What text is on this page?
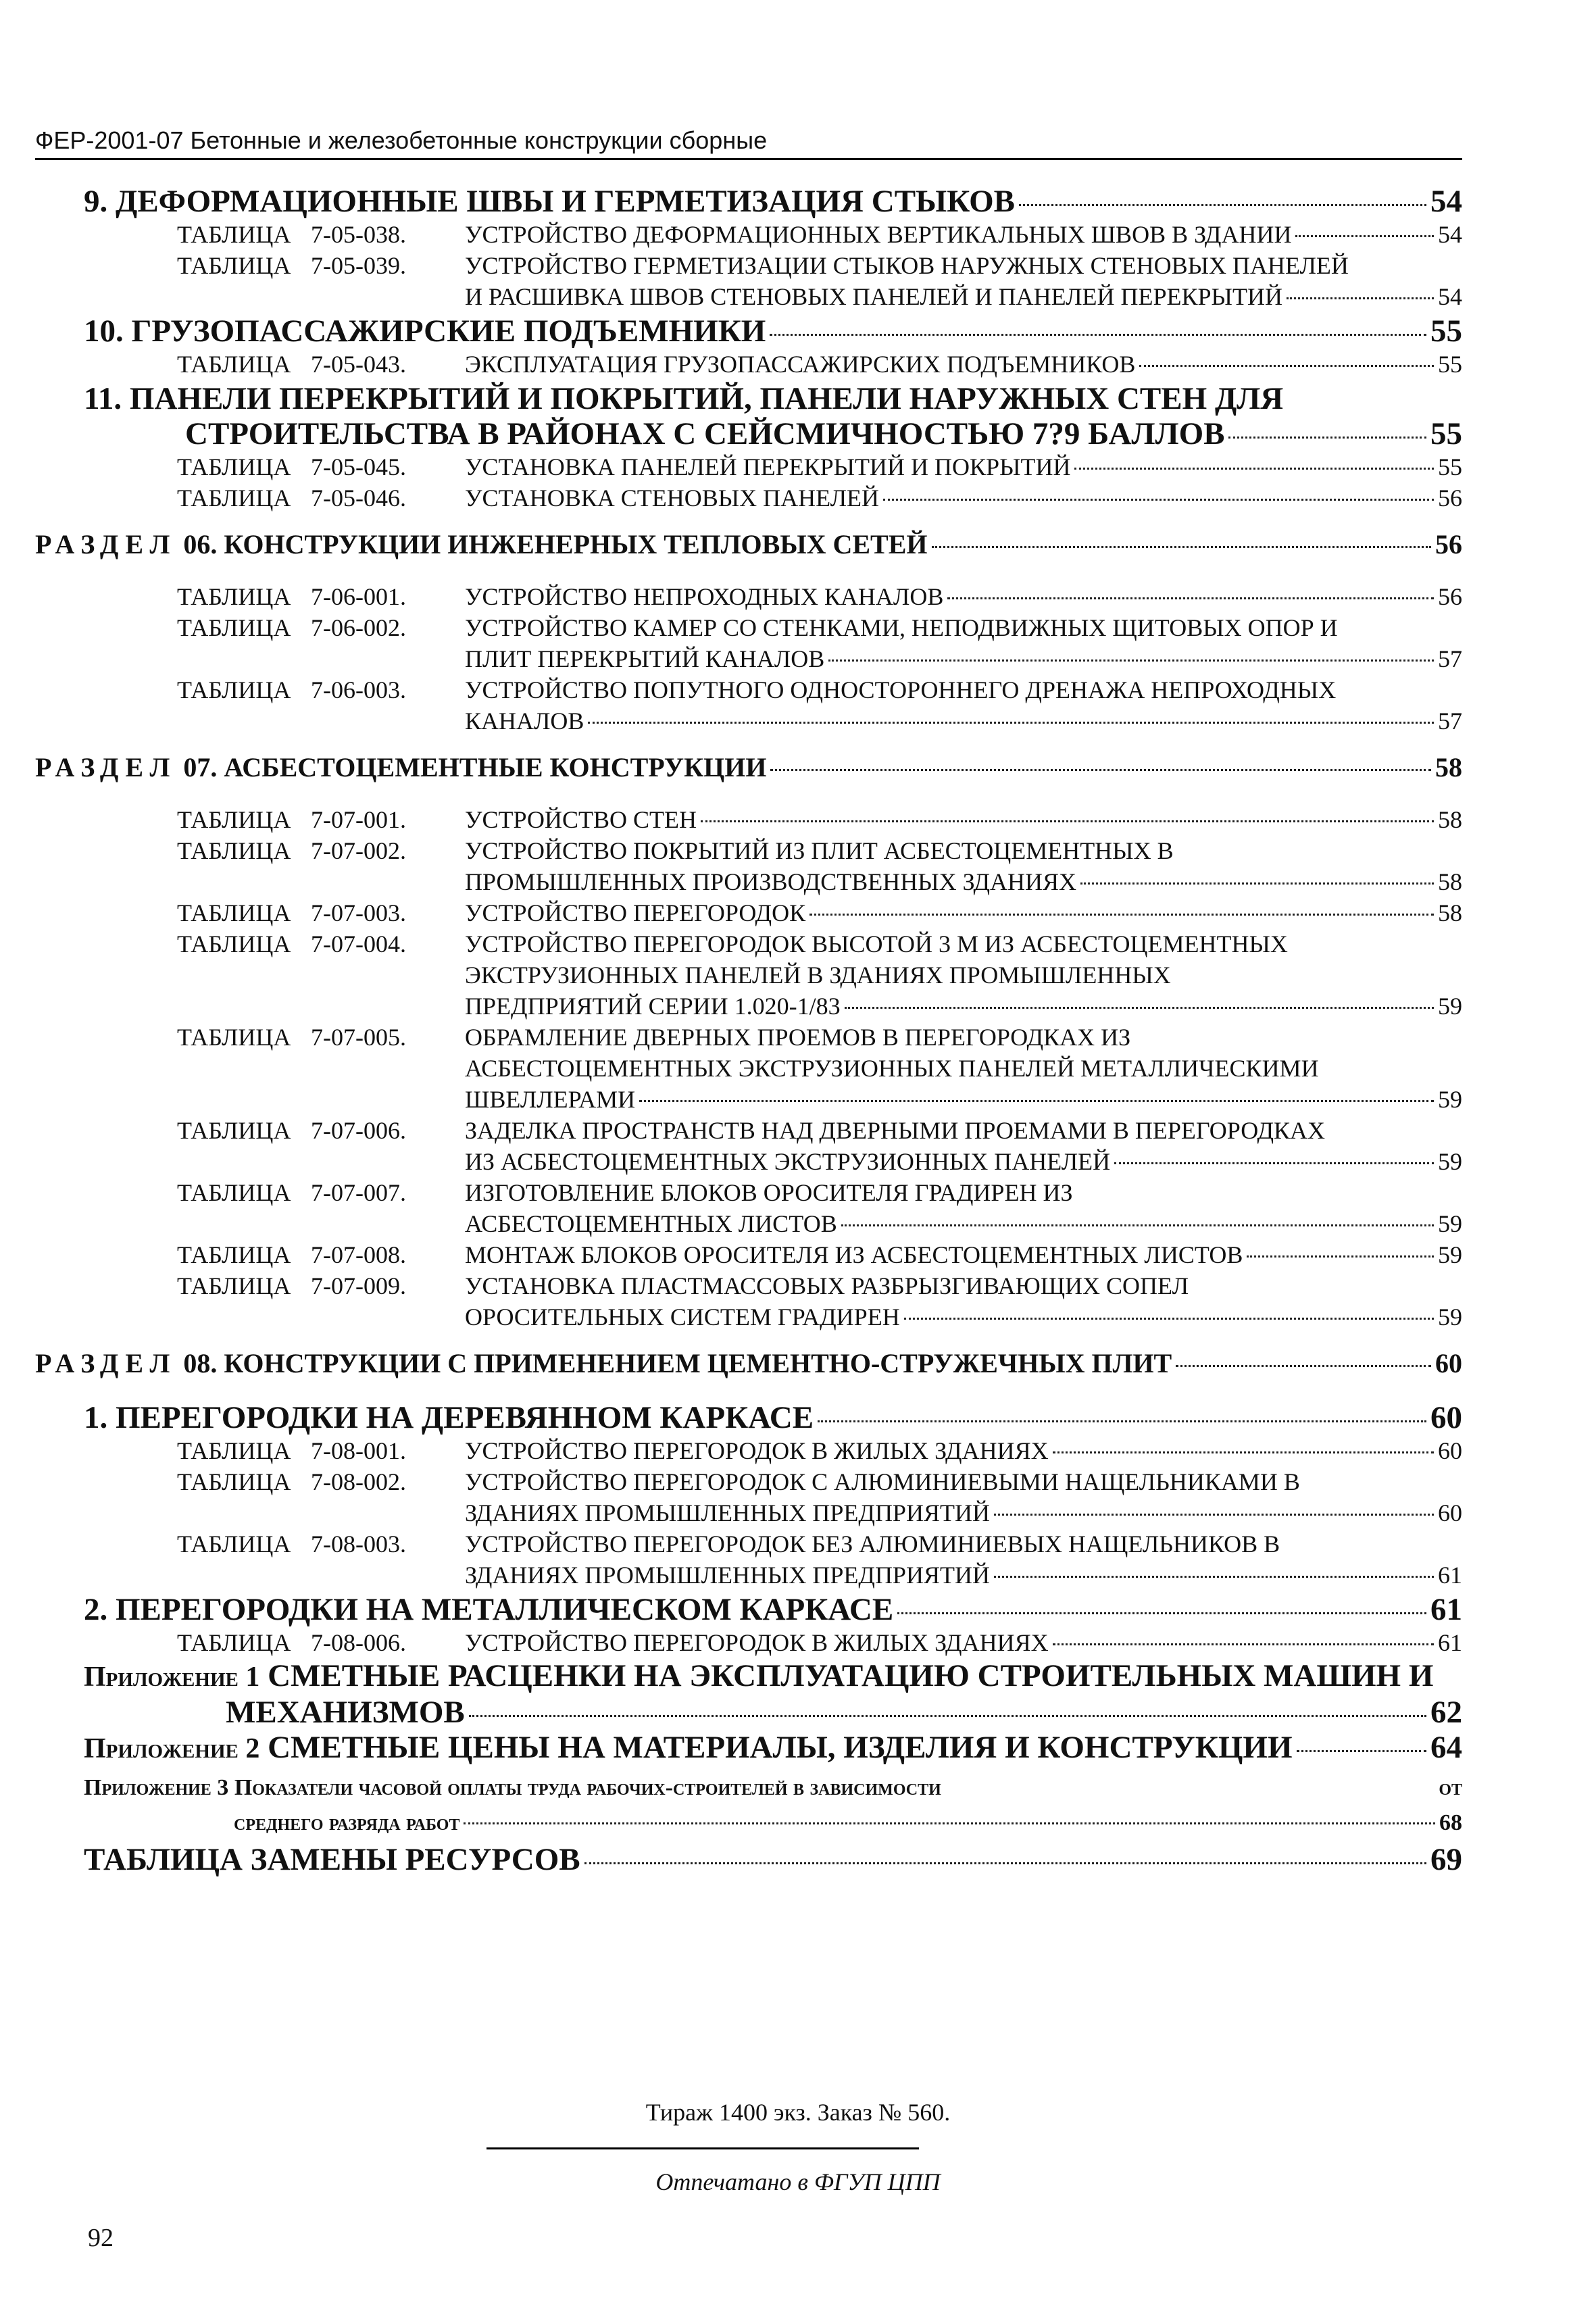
ФЕР-2001-07 Бетонные и железобетонные конструкции сборные
9. ДЕФОРМАЦИОННЫЕ ШВЫ И ГЕРМЕТИЗАЦИЯ СТЫКОВ	54
ТАБЛИЦА 7-05-038.	УСТРОЙСТВО ДЕФОРМАЦИОННЫХ ВЕРТИКАЛЬНЫХ ШВОВ В ЗДАНИИ	54
ТАБЛИЦА 7-05-039.	УСТРОЙСТВО ГЕРМЕТИЗАЦИИ СТЫКОВ НАРУЖНЫХ СТЕНОВЫХ ПАНЕЛЕЙ
И РАСШИВКА ШВОВ СТЕНОВЫХ ПАНЕЛЕЙ И ПАНЕЛЕЙ ПЕРЕКРЫТИЙ	54
10. ГРУЗОПАССАЖИРСКИЕ ПОДЪЕМНИКИ	55
ТАБЛИЦА 7-05-043.	ЭКСПЛУАТАЦИЯ ГРУЗОПАССАЖИРСКИХ ПОДЪЕМНИКОВ	55
11. ПАНЕЛИ ПЕРЕКРЫТИЙ И ПОКРЫТИЙ, ПАНЕЛИ НАРУЖНЫХ СТЕН ДЛЯ
СТРОИТЕЛЬСТВА В РАЙОНАХ С СЕЙСМИЧНОСТЬЮ 7?9 БАЛЛОВ	55
ТАБЛИЦА 7-05-045.	УСТАНОВКА ПАНЕЛЕЙ ПЕРЕКРЫТИЙ И ПОКРЫТИЙ	55
ТАБЛИЦА 7-05-046.	УСТАНОВКА СТЕНОВЫХ ПАНЕЛЕЙ	56
РАЗДЕЛ 06. КОНСТРУКЦИИ ИНЖЕНЕРНЫХ ТЕПЛОВЫХ СЕТЕЙ	56
ТАБЛИЦА 7-06-001.	УСТРОЙСТВО НЕПРОХОДНЫХ КАНАЛОВ	56
ТАБЛИЦА 7-06-002.	УСТРОЙСТВО КАМЕР СО СТЕНКАМИ, НЕПОДВИЖНЫХ ЩИТОВЫХ ОПОР И
ПЛИТ ПЕРЕКРЫТИЙ КАНАЛОВ	57
ТАБЛИЦА 7-06-003.	УСТРОЙСТВО ПОПУТНОГО ОДНОСТОРОННЕГО ДРЕНАЖА НЕПРОХОДНЫХ
КАНАЛОВ	57
РАЗДЕЛ 07. АСБЕСТОЦЕМЕНТНЫЕ КОНСТРУКЦИИ	58
ТАБЛИЦА 7-07-001.	УСТРОЙСТВО СТЕН	58
ТАБЛИЦА 7-07-002.	УСТРОЙСТВО ПОКРЫТИЙ ИЗ ПЛИТ АСБЕСТОЦЕМЕНТНЫХ В
ПРОМЫШЛЕННЫХ ПРОИЗВОДСТВЕННЫХ ЗДАНИЯХ	58
ТАБЛИЦА 7-07-003.	УСТРОЙСТВО ПЕРЕГОРОДОК	58
ТАБЛИЦА 7-07-004.	УСТРОЙСТВО ПЕРЕГОРОДОК ВЫСОТОЙ 3 М ИЗ АСБЕСТОЦЕМЕНТНЫХ
ЭКСТРУЗИОННЫХ ПАНЕЛЕЙ В ЗДАНИЯХ ПРОМЫШЛЕННЫХ
ПРЕДПРИЯТИЙ СЕРИИ 1.020-1/83	59
ТАБЛИЦА 7-07-005.	ОБРАМЛЕНИЕ ДВЕРНЫХ ПРОЕМОВ В ПЕРЕГОРОДКАХ ИЗ
АСБЕСТОЦЕМЕНТНЫХ ЭКСТРУЗИОННЫХ ПАНЕЛЕЙ МЕТАЛЛИЧЕСКИМИ
ШВЕЛЛЕРАМИ	59
ТАБЛИЦА 7-07-006.	ЗАДЕЛКА ПРОСТРАНСТВ НАД ДВЕРНЫМИ ПРОЕМАМИ В ПЕРЕГОРОДКАХ
ИЗ АСБЕСТОЦЕМЕНТНЫХ ЭКСТРУЗИОННЫХ ПАНЕЛЕЙ	59
ТАБЛИЦА 7-07-007.	ИЗГОТОВЛЕНИЕ БЛОКОВ ОРОСИТЕЛЯ ГРАДИРЕН ИЗ
АСБЕСТОЦЕМЕНТНЫХ ЛИСТОВ	59
ТАБЛИЦА 7-07-008.	МОНТАЖ БЛОКОВ ОРОСИТЕЛЯ ИЗ АСБЕСТОЦЕМЕНТНЫХ ЛИСТОВ	59
ТАБЛИЦА 7-07-009.	УСТАНОВКА ПЛАСТМАССОВЫХ РАЗБРЫЗГИВАЮЩИХ СОПЕЛ
ОРОСИТЕЛЬНЫХ СИСТЕМ ГРАДИРЕН	59
РАЗДЕЛ 08. КОНСТРУКЦИИ С ПРИМЕНЕНИЕМ ЦЕМЕНТНО-СТРУЖЕЧНЫХ ПЛИТ	60
1. ПЕРЕГОРОДКИ НА ДЕРЕВЯННОМ КАРКАСЕ	60
ТАБЛИЦА 7-08-001.	УСТРОЙСТВО ПЕРЕГОРОДОК В ЖИЛЫХ ЗДАНИЯХ	60
ТАБЛИЦА 7-08-002.	УСТРОЙСТВО ПЕРЕГОРОДОК С АЛЮМИНИЕВЫМИ НАЩЕЛЬНИКАМИ В
ЗДАНИЯХ ПРОМЫШЛЕННЫХ ПРЕДПРИЯТИЙ	60
ТАБЛИЦА 7-08-003.	УСТРОЙСТВО ПЕРЕГОРОДОК БЕЗ АЛЮМИНИЕВЫХ НАЩЕЛЬНИКОВ В
ЗДАНИЯХ ПРОМЫШЛЕННЫХ ПРЕДПРИЯТИЙ	61
2. ПЕРЕГОРОДКИ НА МЕТАЛЛИЧЕСКОМ КАРКАСЕ	61
ТАБЛИЦА 7-08-006.	УСТРОЙСТВО ПЕРЕГОРОДОК В ЖИЛЫХ ЗДАНИЯХ	61
Приложение 1 СМЕТНЫЕ РАСЦЕНКИ НА ЭКСПЛУАТАЦИЮ СТРОИТЕЛЬНЫХ МАШИН И
МЕХАНИЗМОВ	62
Приложение 2 СМЕТНЫЕ ЦЕНЫ НА МАТЕРИАЛЫ, ИЗДЕЛИЯ И КОНСТРУКЦИИ	64
Приложение 3 Показатели часовой оплаты труда рабочих-строителей в зависимости	от
среднего разряда работ	68
ТАБЛИЦА ЗАМЕНЫ РЕСУРСОВ	69
Тираж 1400 экз. Заказ № 560.
Отпечатано в ФГУП ЦПП
92
